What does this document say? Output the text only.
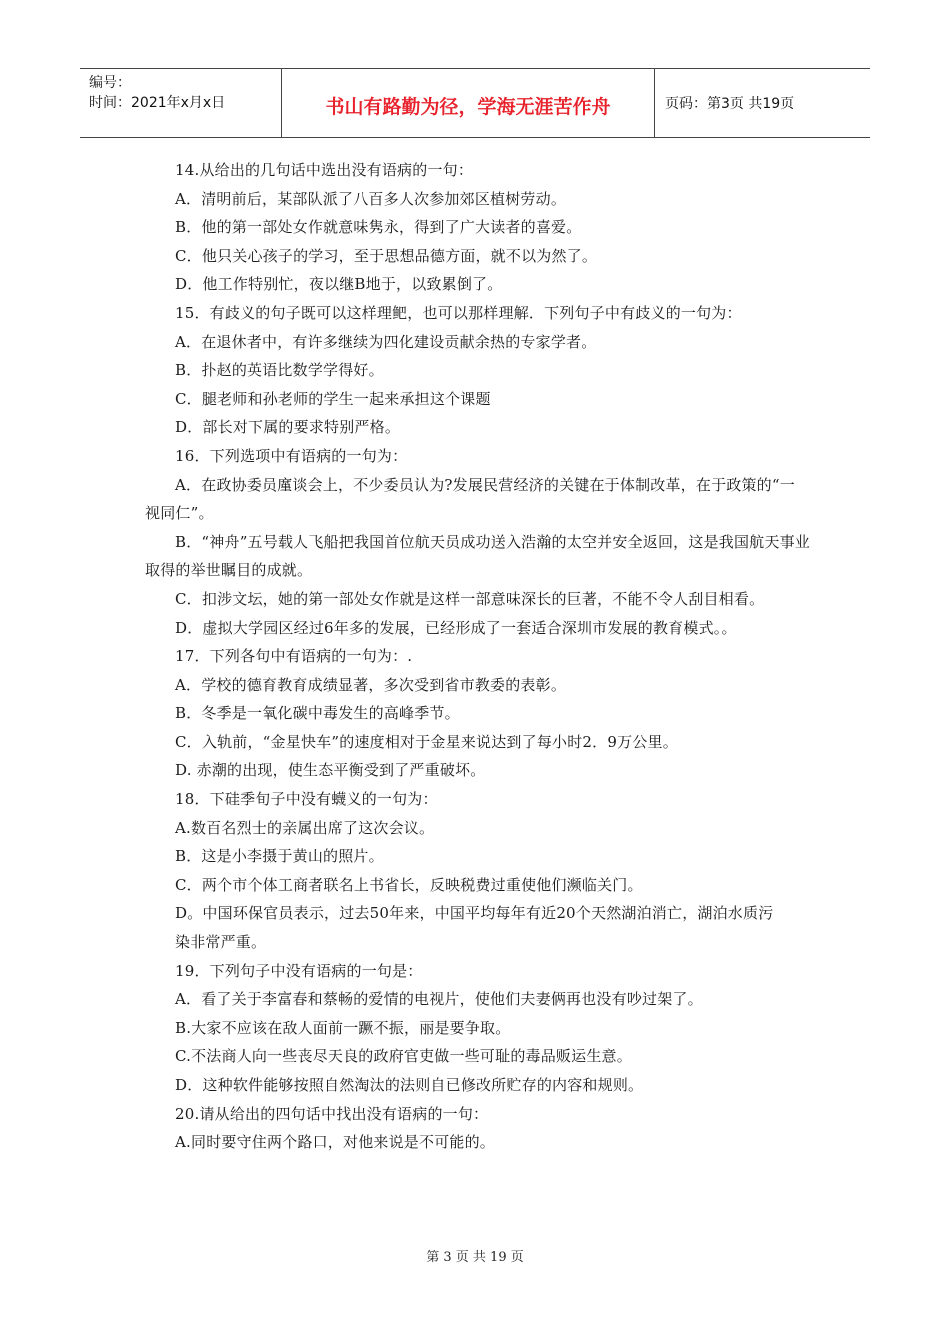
编号：
时间：2021年x月x日	书山有路勤为径，学海无涯苦作舟	页码：第3页 共19页
14.从给出的几句话中选出没有语病的一句：
A．清明前后，某部队派了八百多人次参加郊区植树劳动。
B．他的第一部处女作就意味隽永，得到了广大读者的喜爱。
C．他只关心孩子的学习，至于思想品德方面，就不以为然了。
D．他工作特别忙，夜以继B地于，以致累倒了。
15．有歧义的句子既可以这样理鲃，也可以那样理解．下列句子中有歧义的一句为：
A．在退休者中，有许多继续为四化建设贡献余热的专家学者。
B．扑赵的英语比数学学得好。
C．腿老师和孙老师的学生一起来承担这个课题
D．部长对下属的要求特别严格。
16．下列选项中有语病的一句为：
A．在政协委员廑谈会上，不少委员认为?发展民营经济的关键在于体制改革，在于政策的“一视同仁”。
B．“神舟”五号载人飞船把我国首位航天员成功送入浩瀚的太空并安全返回，这是我国航天事业取得的举世瞩目的成就。
C．扣涉文坛，她的第一部处女作就是这样一部意味深长的巨著，不能不令人刮目相看。
D．虚拟大学园区经过6年多的发展，已经形成了一套适合深圳市发展的教育模式。。
17．下列各句中有语病的一句为：.
A．学校的德育教育成绩显著，多次受到省市教委的表彰。
B．冬季是一氧化碳中毒发生的高峰季节。
C．入轨前，“金星快车”的速度相对于金星来说达到了每小时2．9万公里。
D. 赤潮的出现，使生态平衡受到了严重破坏。
18．下硅季旬子中没有蠛义的一句为：
A.数百名烈士的亲属出席了这次会议。
B．这是小李摄于黄山的照片。
C．两个市个体工商者联名上书省长，反映税费过重使他们濒临关门。
D。中国环保官员表示，过去50年来，中国平均每年有近20个天然湖泊消亡，湖泊水质污
染非常严重。
19．下列句子中没有语病的一句是：
A．看了关于李富春和蔡畅的爱情的电视片，使他们夫妻俩再也没有吵过架了。
B.大家不应该在敌人面前一蹶不振，丽是要争取。
C.不法商人向一些丧尽天良的政府官吏做一些可耻的毒品贩运生意。
D．这种软件能够按照自然淘汰的法则自已修改所贮存的内容和规则。
20.请从给出的四句话中找出没有语病的一句：
A.同时要守住两个路口，对他来说是不可能的。
第 3 页 共 19 页
